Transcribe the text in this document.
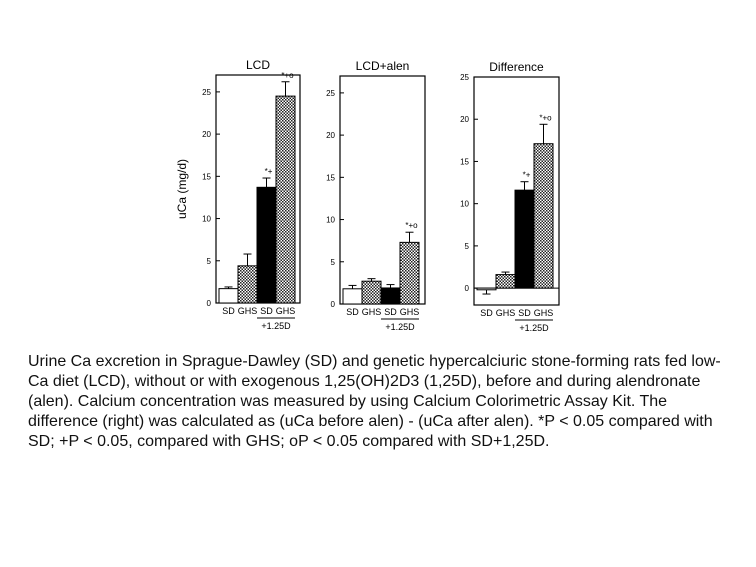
LCD
0
5
10
15
20
25
uCa (mg/d)
SD GHS
*+
SD
*+o
GHS
+1.25D
LCD+alen
0
5
10
15
20
25
SD GHS SD
*+o
GHS
+1.25D
Difference
0
5
10
15
20
25
SD GHS
*+
SD
*+o
GHS
+1.25D

Urine Ca excretion in Sprague-Dawley (SD) and genetic hypercalciuric stone-forming rats fed low-Ca diet (LCD), without or with exogenous 1,25(OH)2D3 (1,25D), before and during alendronate (alen). Calcium concentration was measured by using Calcium Colorimetric Assay Kit. The difference (right) was calculated as (uCa before alen) - (uCa after alen). *P < 0.05 compared with SD; +P < 0.05, compared with GHS; oP < 0.05 compared with SD+1,25D.
